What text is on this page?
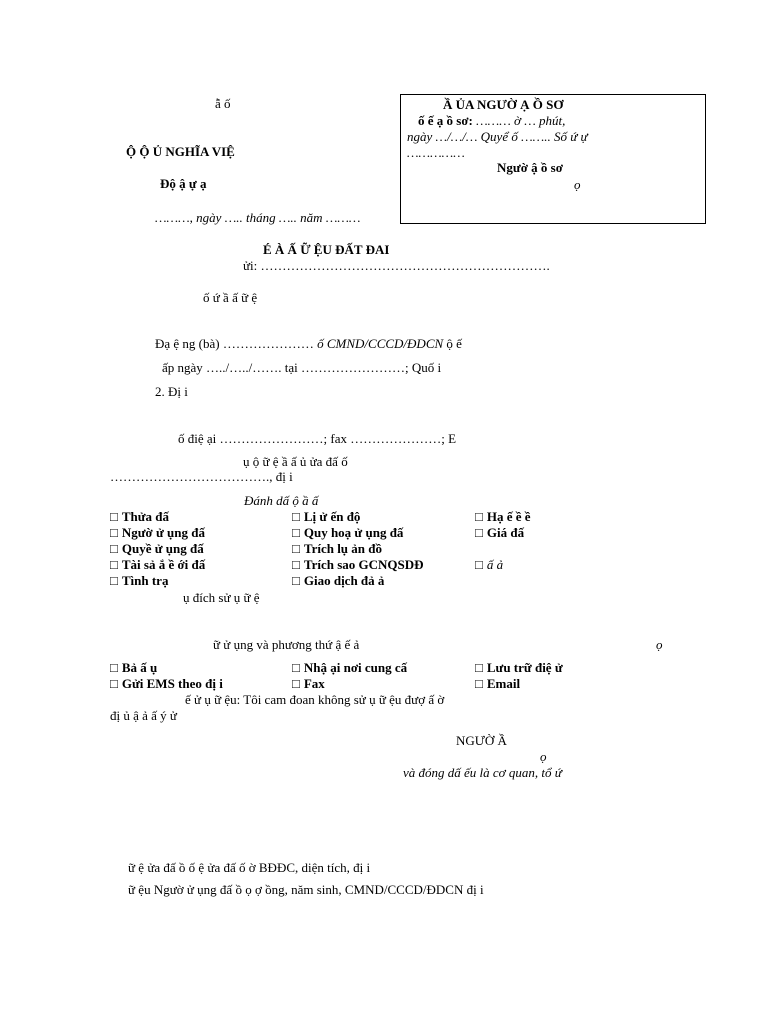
ẫ ố
Ộ Ộ Ủ NGHĨA VIỆ
Độ ậ ự ạ
………, ngày ….. tháng ….. năm ………
Ầ ỦA NGƯỜ Ạ Ồ SƠ
ố ế ạ ồ sơ: ……… ờ … phút,
ngày …/…/… Quyể ố …….. Số ứ ự
……………
Ngườ ậ ồ sơ
ọ
É À Ấ Ữ ỆU ĐẤT ĐAI
ửi: ………………………………………………………….
ố ứ ầ ấ ữ ệ
Đạ ệ ng (bà) ………………… ố CMND/CCCD/ĐDCN ộ ế
ấp ngày …../…../……. tại ……………………; Quố i
2. Đị i
ố điệ ại ……………………; fax …………………; E
ụ ộ ữ ệ ầ ấ ủ ửa đấ ố
………………………………., đị i
Đánh dấ ộ ầ ấ
□ Thửa đấ	□ Lị ử ến độ	□ Hạ ế ề ề
□ Ngườ ử ụng đấ	□ Quy hoạ ử ụng đấ	□ Giá đấ
□ Quyề ử ụng đấ	□ Trích lụ ản đồ
□ Tài sả ắ ề ới đấ	□ Trích sao GCNQSDĐ	□ ấ ả
□ Tình trạ	□ Giao dịch đả ả
ụ đích sử ụ ữ ệ
ữ ử ụng và phương thứ ậ ế ả	ọ
□ Bả ấ ụ	□ Nhậ ại nơi cung cấ	□ Lưu trữ điệ ử
□ Gửi EMS theo đị i	□ Fax	□ Email
ế ử ụ ữ ệu: Tôi cam đoan không sử ụ ữ ệu đượ ấ ờ
đị ủ ậ ả ấ ý ử
NGƯỜ Ầ
ọ
và đóng dấ ếu là cơ quan, tổ ứ
ữ ệ ửa đấ ồ ố ệ ửa đấ ố ờ BĐĐC, diện tích, đị i
ữ ệu Ngườ ử ụng đấ ồ ọ ợ ồng, năm sinh, CMND/CCCD/ĐDCN đị i
